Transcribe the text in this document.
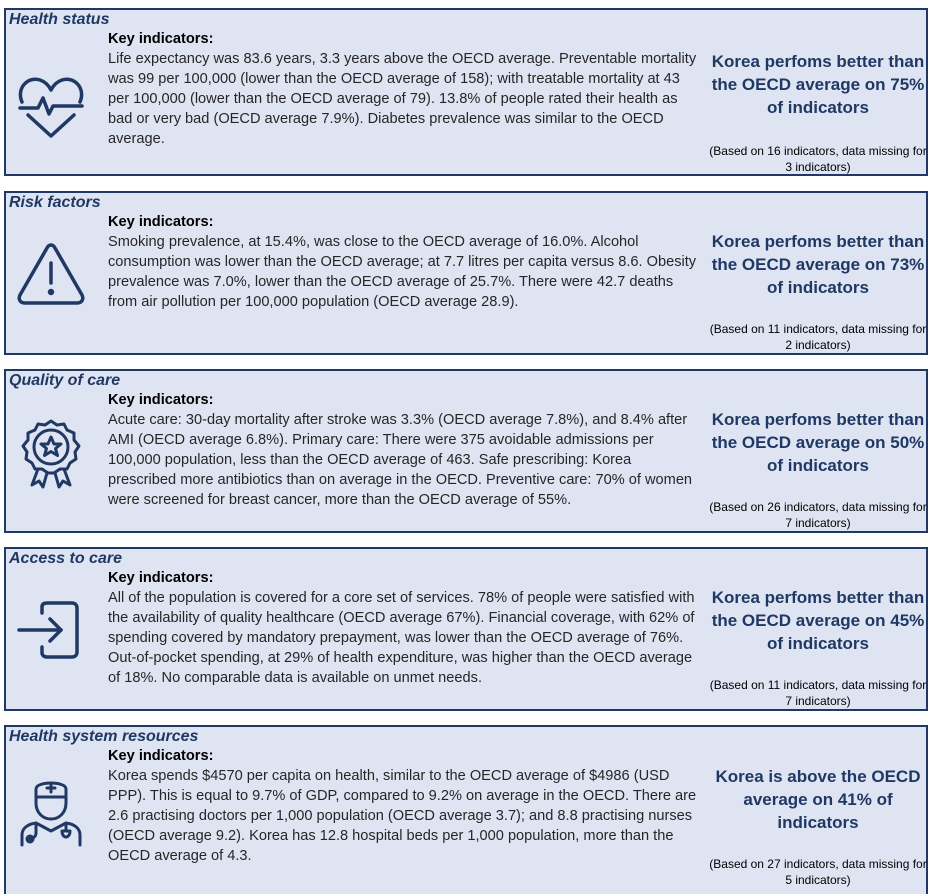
Health status
Key indicators:
Life expectancy was 83.6 years, 3.3 years above the OECD average. Preventable mortality was 99 per 100,000 (lower than the OECD average of 158); with treatable mortality at 43 per 100,000 (lower than the OECD average of 79). 13.8% of people rated their health as bad or very bad (OECD average 7.9%). Diabetes prevalence was similar to the OECD average.
Korea perfoms better than the OECD average on 75% of indicators
(Based on 16 indicators, data missing for 3 indicators)
Risk factors
Key indicators:
Smoking prevalence, at 15.4%, was close to the OECD average of 16.0%. Alcohol consumption was lower than the OECD average; at 7.7 litres per capita versus 8.6. Obesity prevalence was 7.0%, lower than the OECD average of 25.7%. There were 42.7 deaths from air pollution per 100,000 population (OECD average 28.9).
Korea perfoms better than the OECD average on 73% of indicators
(Based on 11 indicators, data missing for 2 indicators)
Quality of care
Key indicators:
Acute care: 30-day mortality after stroke was 3.3% (OECD average 7.8%), and 8.4% after AMI (OECD average 6.8%). Primary care: There were 375 avoidable admissions per 100,000 population, less than the OECD average of 463. Safe prescribing: Korea prescribed more antibiotics than on average in the OECD. Preventive care: 70% of women were screened for breast cancer, more than the OECD average of 55%.
Korea perfoms better than the OECD average on 50% of indicators
(Based on 26 indicators, data missing for 7 indicators)
Access to care
Key indicators:
All of the population is covered for a core set of services. 78% of people were satisfied with the availability of quality healthcare (OECD average 67%). Financial coverage, with 62% of spending covered by mandatory prepayment, was lower than the OECD average of 76%. Out-of-pocket spending, at 29% of health expenditure, was higher than the OECD average of 18%. No comparable data is available on unmet needs.
Korea perfoms better than the OECD average on 45% of indicators
(Based on 11 indicators, data missing for 7 indicators)
Health system resources
Key indicators:
Korea spends $4570 per capita on health, similar to the OECD average of $4986 (USD PPP). This is equal to 9.7% of GDP, compared to 9.2% on average in the OECD. There are 2.6 practising doctors per 1,000 population (OECD average 3.7); and 8.8 practising nurses (OECD average 9.2). Korea has 12.8 hospital beds per 1,000 population, more than the OECD average of 4.3.
Korea is above the OECD average on 41% of indicators
(Based on 27 indicators, data missing for 5 indicators)
